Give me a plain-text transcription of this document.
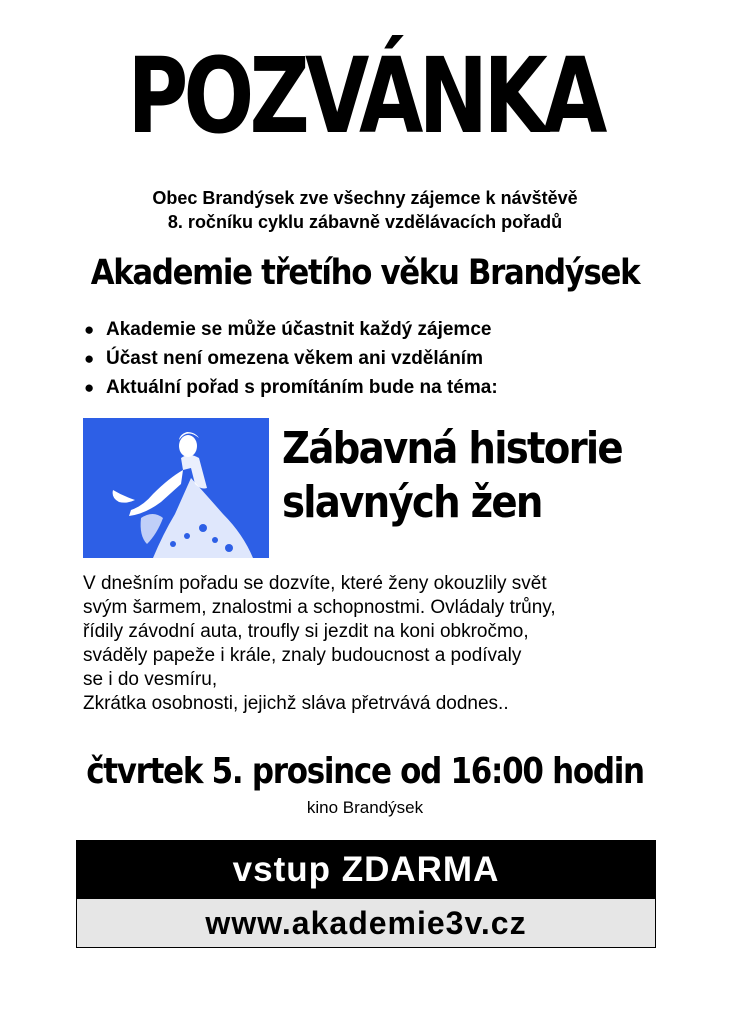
POZVÁNKA
Obec Brandýsek zve všechny zájemce k návštěvě
8. ročníku cyklu zábavně vzdělávacích pořadů
Akademie třetího věku Brandýsek
● Akademie se může účastnit každý zájemce
● Účast není omezena věkem ani vzděláním
● Aktuální pořad s promítáním bude na téma:
Zábavná historie
slavných žen
V dnešním pořadu se dozvíte, které ženy okouzlily svět
svým šarmem, znalostmi a schopnostmi. Ovládaly trůny,
řídily závodní auta, troufly si jezdit na koni obkročmo,
sváděly papeže i krále, znaly budoucnost a podívaly
se i do vesmíru,
Zkrátka osobnosti, jejichž sláva přetrvává dodnes..
čtvrtek 5. prosince od 16:00 hodin
kino Brandýsek
vstup ZDARMA
www.akademie3v.cz
